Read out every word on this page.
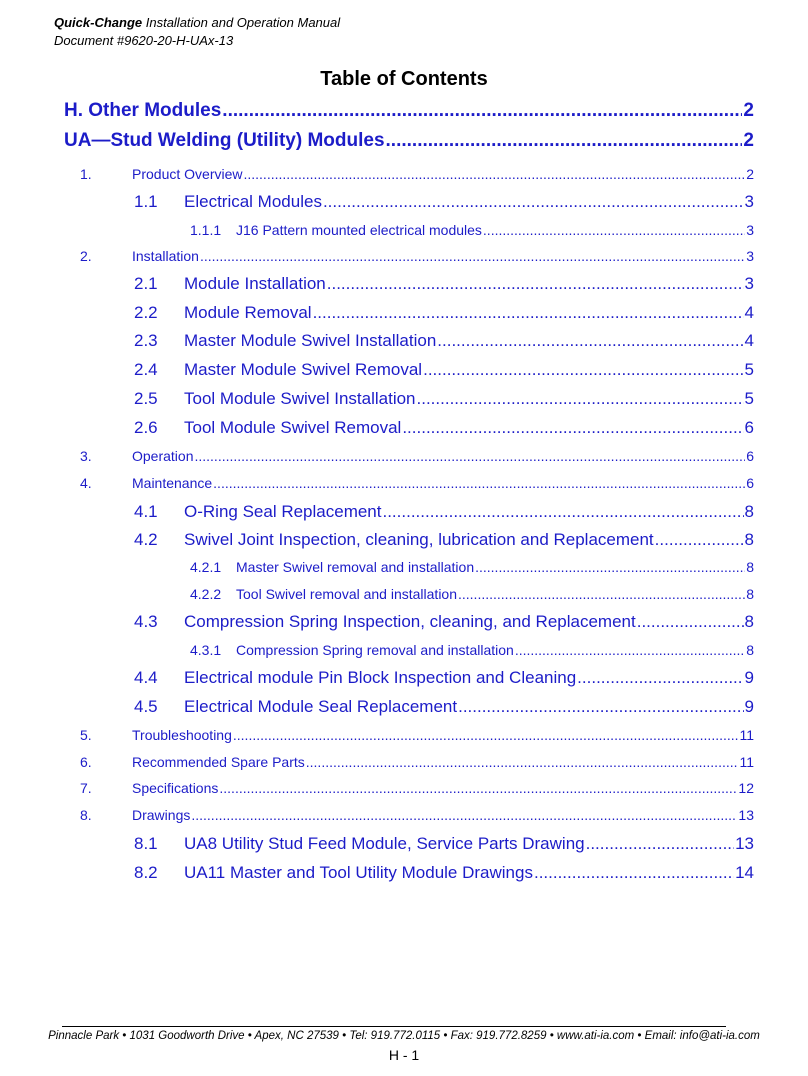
Quick-Change Installation and Operation Manual
Document #9620-20-H-UAx-13
Table of Contents
H. Other Modules .....	2
UA—Stud Welding (Utility) Modules .....	2
1.	Product Overview .....	2
1.1	Electrical Modules .....	3
1.1.1	J16 Pattern mounted electrical modules .....	3
2.	Installation .....	3
2.1	Module Installation .....	3
2.2	Module Removal .....	4
2.3	Master Module Swivel Installation .....	4
2.4	Master Module Swivel Removal .....	5
2.5	Tool Module Swivel Installation .....	5
2.6	Tool Module Swivel Removal .....	6
3.	Operation .....	6
4.	Maintenance .....	6
4.1	O-Ring Seal Replacement .....	8
4.2	Swivel Joint Inspection, cleaning, lubrication and Replacement .....	8
4.2.1	Master Swivel removal and installation .....	8
4.2.2	Tool Swivel removal and installation .....	8
4.3	Compression Spring Inspection, cleaning, and Replacement .....	8
4.3.1	Compression Spring removal and installation .....	8
4.4	Electrical module Pin Block Inspection and Cleaning .....	9
4.5	Electrical Module Seal Replacement .....	9
5.	Troubleshooting .....	11
6.	Recommended Spare Parts .....	11
7.	Specifications .....	12
8.	Drawings .....	13
8.1	UA8 Utility Stud Feed Module, Service Parts Drawing .....	13
8.2	UA11 Master and Tool Utility Module Drawings .....	14
Pinnacle Park • 1031 Goodworth Drive • Apex, NC 27539 • Tel: 919.772.0115 • Fax: 919.772.8259 • www.ati-ia.com • Email: info@ati-ia.com
H - 1
